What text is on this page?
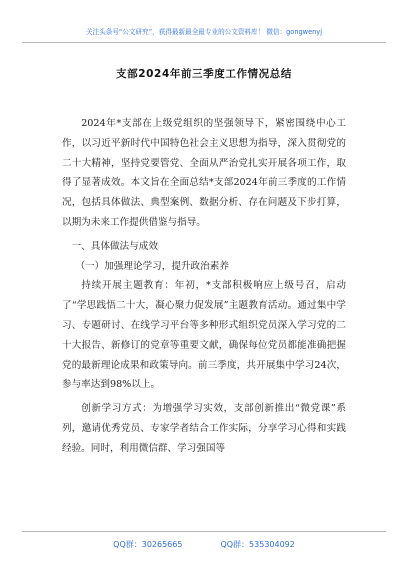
关注头条号“公文研究”，获得最新最全最专业的公文资料库！ 微信：gongwenyj
支部2024年前三季度工作情况总结

2024年*支部在上级党组织的坚强领导下，紧密围绕中心工作，以习近平新时代中国特色社会主义思想为指导，深入贯彻党的二十大精神，坚持党要管党、全面从严治党扎实开展各项工作，取得了显著成效。本文旨在全面总结*支部2024年前三季度的工作情况，包括具体做法、典型案例、数据分析、存在问题及下步打算，以期为未来工作提供借鉴与指导。

一、具体做法与成效
（一）加强理论学习，提升政治素养

持续开展主题教育：年初，*支部积极响应上级号召，启动了“学思践悟二十大，凝心聚力促发展”主题教育活动。通过集中学习、专题研讨、在线学习平台等多种形式组织党员深入学习党的二十大报告、新修订的党章等重要文献，确保每位党员都能准确把握党的最新理论成果和政策导向。前三季度，共开展集中学习24次，参与率达到98%以上。

创新学习方式：为增强学习实效，支部创新推出“微党课”系列，邀请优秀党员、专家学者结合工作实际，分享学习心得和实践经验。同时，利用微信群、学习强国等

QQ群：30265665	QQ群：535304092
